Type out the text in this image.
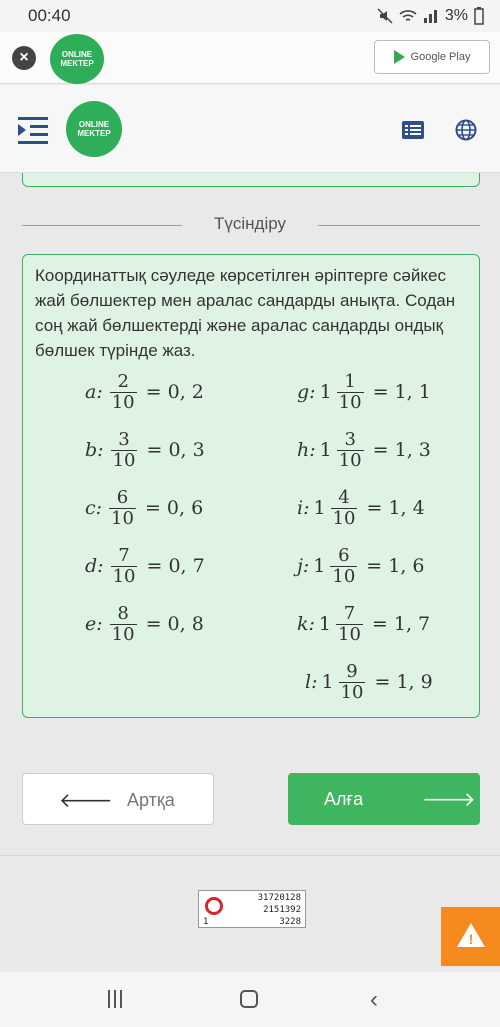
00:40	3%
×	ONLINE
MEKTEP
Google Play
ONLINE
MEKTEP
Түсіндіру
Координаттық сәуледе көрсетілген әріптерге сәйкес жай бөлшектер мен аралас сандарды анықта. Содан соң жай бөлшектерді және аралас сандарды ондық бөлшек түрінде жаз.
a: $\frac{2}{10} = 0$, 2
b: $\frac{3}{10} = 0$, 3
c: $\frac{6}{10} = 0$, 6
d: $\frac{7}{10} = 0$, 7
e: $\frac{8}{10} = 0$, 8
g: $1 \frac{1}{10} = 1$, 1
h: $1 \frac{3}{10} = 1$, 3
i: $1 \frac{4}{10} = 1$, 4
j: $1 \frac{6}{10} = 1$, 6
k: $1 \frac{7}{10} = 1$, 7
l: $1 \frac{9}{10} = 1$, 9
🡐 Артқа	Алға	🡒
1
31720128
2151392
3228
!
‹
